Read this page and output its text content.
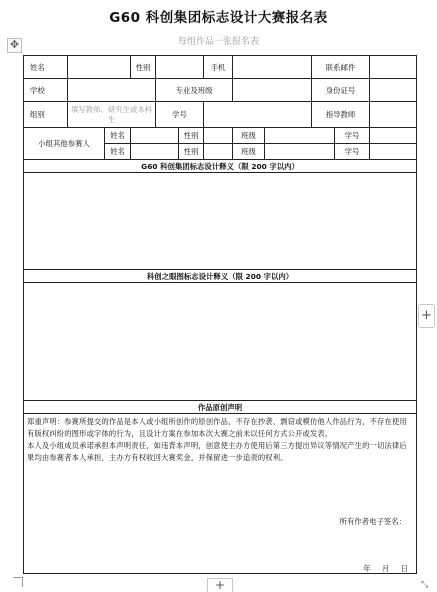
G60 科创集团标志设计大赛报名表
每组作品一张报名表
✥
姓名			性别			手机			联系邮件		
学校				专业及班级					身份证号		
组别	填写教师、研究生或本科生			学号					指导教师		
小组其他参赛人		姓名			性别		班级			学号	
		姓名			性别		班级			学号	
G60 科创集团标志设计释义（限 200 字以内）											

科创之眼图标志设计释义（限 200 字以内）											

作品原创声明											

郑重声明：参赛所提交的作品是本人或小组所创作的原创作品，不存在抄袭、剽窃或模仿他人作品行为，不存在使用有版权纠纷的图形或字体的行为，且设计方案在参加本次大赛之前未以任何方式公开或发表。

本人及小组成员承诺承担本声明责任，如违背本声明，创意使主办方使用后第三方提出异议等情况产生的一切法律后果均由参赛者本人承担，主办方有权收回大赛奖金，并保留进一步追责的权利。

所有作者电子签名：
年　月　日											
+
+	⤡
